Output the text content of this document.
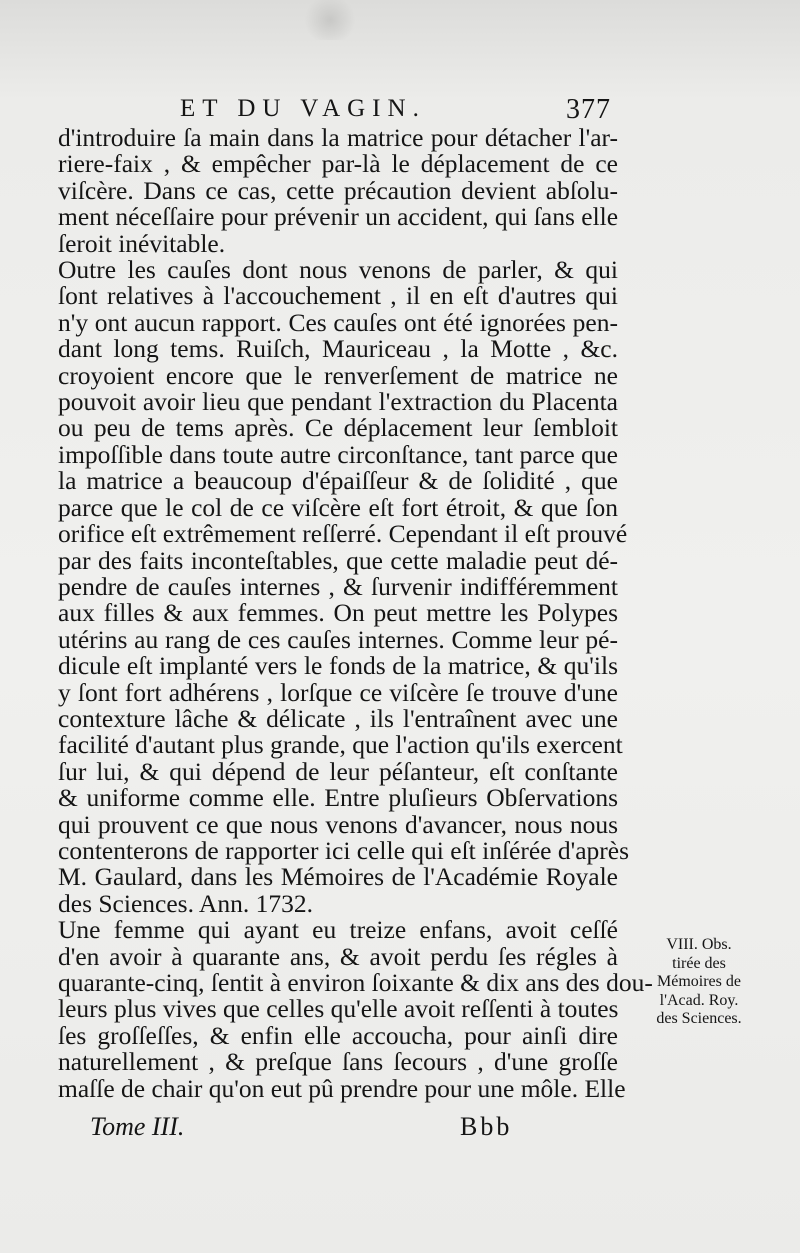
ET DU VAGIN.	377

d'introduire ſa main dans la matrice pour détacher l'ar-
riere-faix , & empêcher par-là le déplacement de ce
viſcère. Dans ce cas, cette précaution devient abſolu-
ment néceſſaire pour prévenir un accident, qui ſans elle
ſeroit inévitable.

Outre les cauſes dont nous venons de parler, & qui
ſont relatives à l'accouchement , il en eſt d'autres qui
n'y ont aucun rapport. Ces cauſes ont été ignorées pen-
dant long tems. Ruiſch, Mauriceau , la Motte , &c.
croyoient encore que le renverſement de matrice ne
pouvoit avoir lieu que pendant l'extraction du Placenta
ou peu de tems après. Ce déplacement leur ſembloit
impoſſible dans toute autre circonſtance, tant parce que
la matrice a beaucoup d'épaiſſeur & de ſolidité , que
parce que le col de ce viſcère eſt fort étroit, & que ſon
orifice eſt extrêmement reſſerré. Cependant il eſt prouvé
par des faits inconteſtables, que cette maladie peut dé-
pendre de cauſes internes , & ſurvenir indifféremment
aux filles & aux femmes. On peut mettre les Polypes
utérins au rang de ces cauſes internes. Comme leur pé-
dicule eſt implanté vers le fonds de la matrice, & qu'ils
y ſont fort adhérens , lorſque ce viſcère ſe trouve d'une
contexture lâche & délicate , ils l'entraînent avec une
facilité d'autant plus grande, que l'action qu'ils exercent
ſur lui, & qui dépend de leur péſanteur, eſt conſtante
& uniforme comme elle. Entre pluſieurs Obſervations
qui prouvent ce que nous venons d'avancer, nous nous
contenterons de rapporter ici celle qui eſt inſérée d'après
M. Gaulard, dans les Mémoires de l'Académie Royale
des Sciences. Ann. 1732.

Une femme qui ayant eu treize enfans, avoit ceſſé
d'en avoir à quarante ans, & avoit perdu ſes régles à
quarante-cinq, ſentit à environ ſoixante & dix ans des dou-
leurs plus vives que celles qu'elle avoit reſſenti à toutes
ſes groſſeſſes, & enfin elle accoucha, pour ainſi dire
naturellement , & preſque ſans ſecours , d'une groſſe
maſſe de chair qu'on eut pû prendre pour une môle. Elle

VIII. Obs.
tirée des
Mémoires de
l'Acad. Roy.
des Sciences.
Tome III.	Bbb
